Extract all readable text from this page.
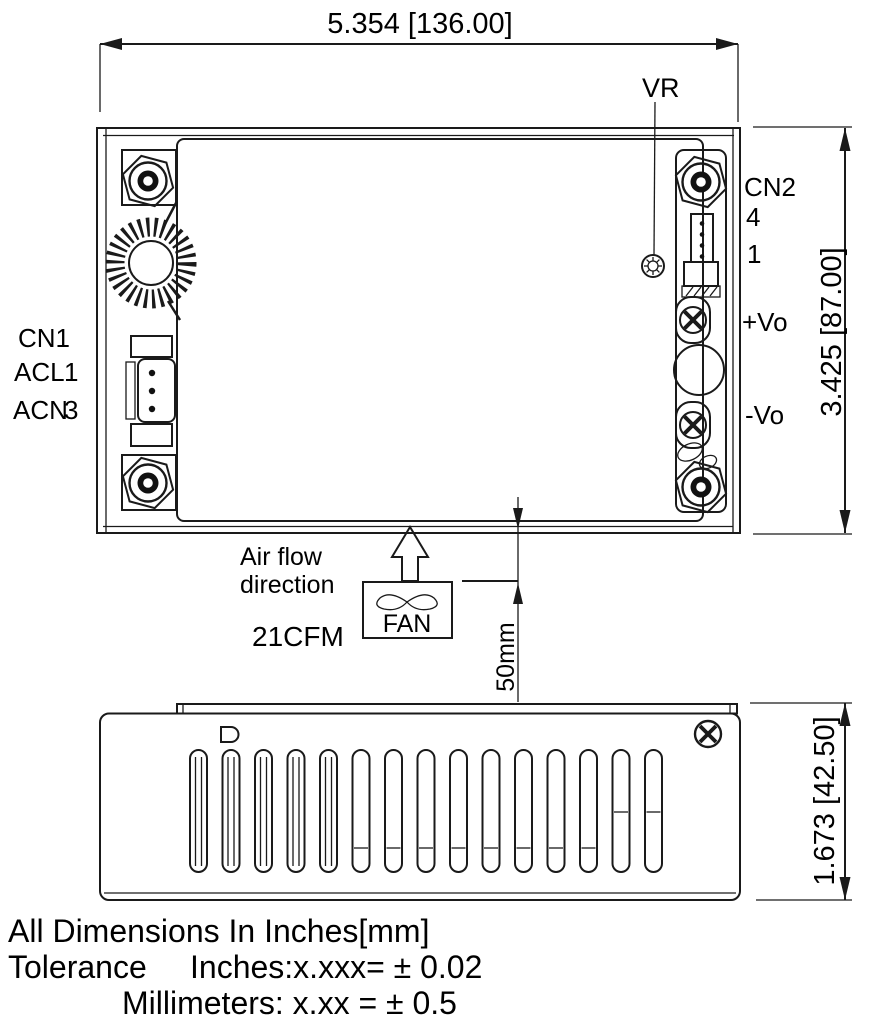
5.354 [136.00]
VR
CN1
ACL 1
ACN
3
CN2
4
1
+Vo
-Vo 3.425 [87.00]
Air flow
direction
FAN
21CFM	50mm
1.673 [42.50]
All Dimensions In Inches[mm]
Tolerance Inches:x.xxx= ± 0.02
Millimeters: x.xx = ± 0.5
